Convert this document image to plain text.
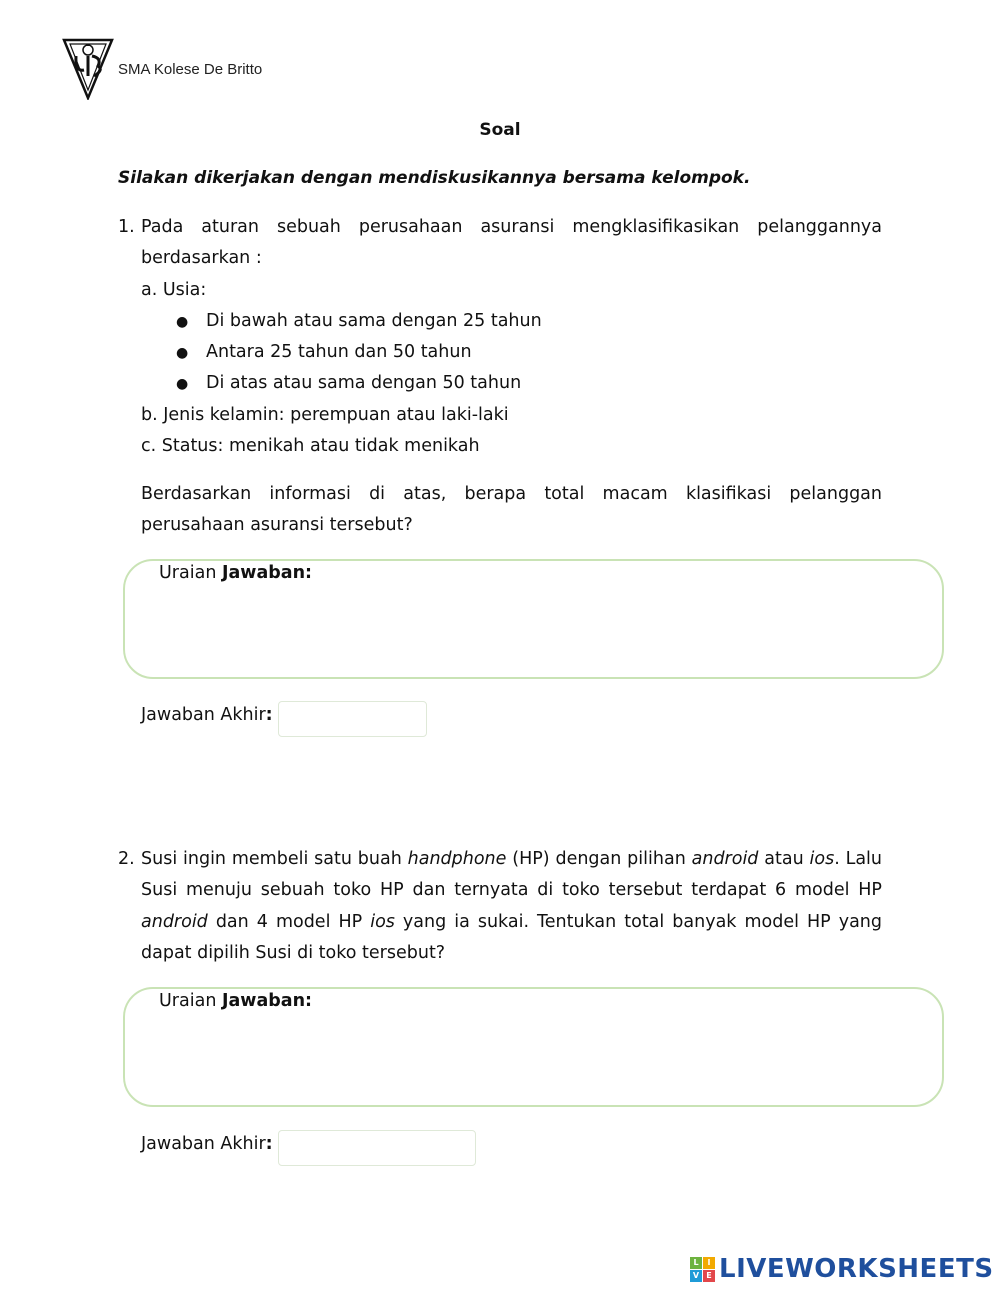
SMA Kolese De Britto
Soal
Silakan dikerjakan dengan mendiskusikannya bersama kelompok.
1. Pada aturan sebuah perusahaan asuransi mengklasifikasikan pelanggannya
berdasarkan :
a. Usia:
● Di bawah atau sama dengan 25 tahun
● Antara 25 tahun dan 50 tahun
● Di atas atau sama dengan 50 tahun
b. Jenis kelamin: perempuan atau laki-laki
c. Status: menikah atau tidak menikah
Berdasarkan informasi di atas, berapa total macam klasifikasi pelanggan
perusahaan asuransi tersebut?
Uraian Jawaban:
Jawaban Akhir:
2. Susi ingin membeli satu buah handphone (HP) dengan pilihan android atau ios. Lalu
Susi menuju sebuah toko HP dan ternyata di toko tersebut terdapat 6 model HP
android dan 4 model HP ios yang ia sukai. Tentukan total banyak model HP yang
dapat dipilih Susi di toko tersebut?
Uraian Jawaban:
Jawaban Akhir:
L	I
V E LIVEWORKSHEETS
